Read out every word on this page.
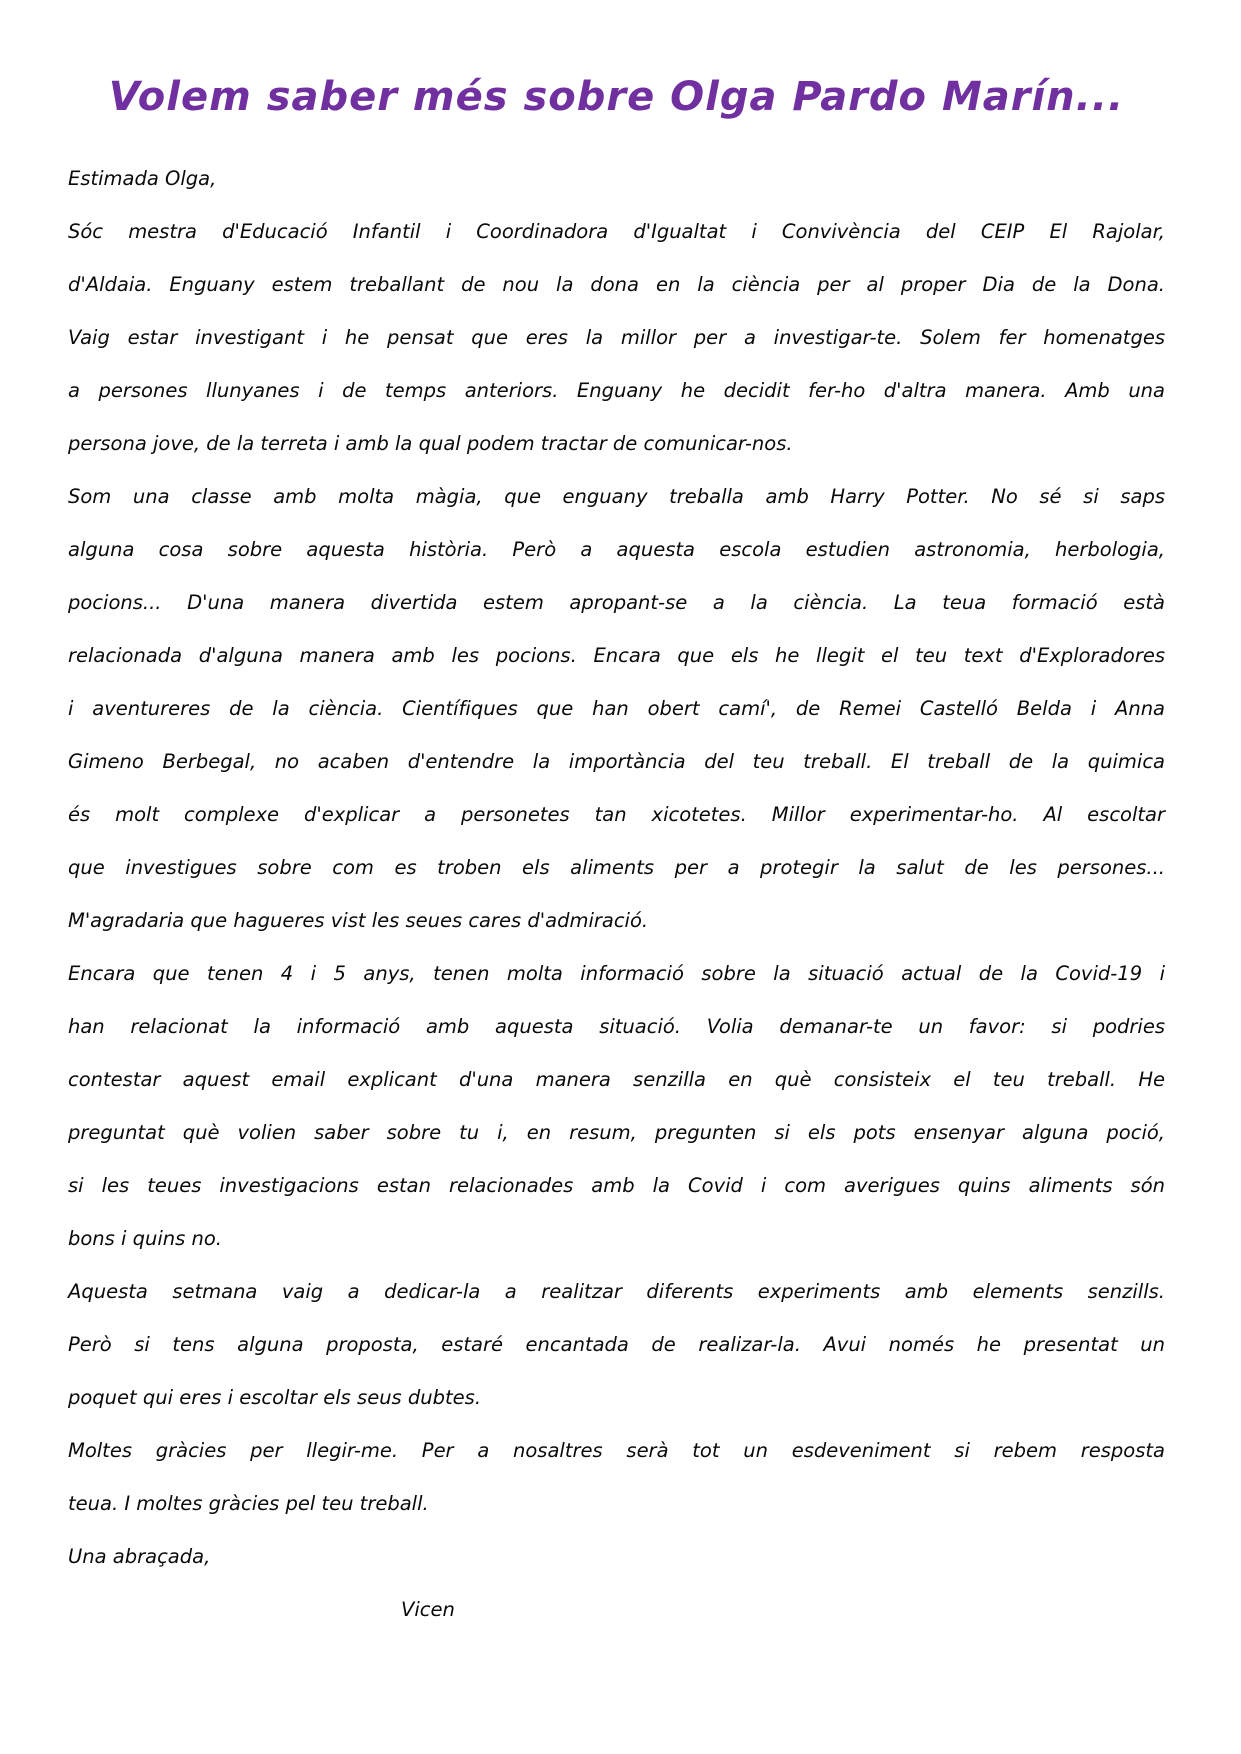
Volem saber més sobre Olga Pardo Marín...
Estimada Olga,
Sóc mestra d'Educació Infantil i Coordinadora d'Igualtat i Convivència del CEIP El Rajolar,
d'Aldaia. Enguany estem treballant de nou la dona en la ciència per al proper Dia de la Dona.
Vaig estar investigant i he pensat que eres la millor per a investigar-te. Solem fer homenatges
a persones llunyanes i de temps anteriors. Enguany he decidit fer-ho d'altra manera. Amb una
persona jove, de la terreta i amb la qual podem tractar de comunicar-nos.
Som una classe amb molta màgia, que enguany treballa amb Harry Potter. No sé si saps
alguna cosa sobre aquesta història. Però a aquesta escola estudien astronomia, herbologia,
pocions... D'una manera divertida estem apropant-se a la ciència. La teua formació està
relacionada d'alguna manera amb les pocions. Encara que els he llegit el teu text d'Exploradores
i aventureres de la ciència. Científiques que han obert camí', de Remei Castelló Belda i Anna
Gimeno Berbegal, no acaben d'entendre la importància del teu treball. El treball de la quimica
és molt complexe d'explicar a personetes tan xicotetes. Millor experimentar-ho. Al escoltar
que investigues sobre com es troben els aliments per a protegir la salut de les persones...
M'agradaria que hagueres vist les seues cares d'admiració.
Encara que tenen 4 i 5 anys, tenen molta informació sobre la situació actual de la Covid-19 i
han relacionat la informació amb aquesta situació. Volia demanar-te un favor: si podries
contestar aquest email explicant d'una manera senzilla en què consisteix el teu treball. He
preguntat què volien saber sobre tu i, en resum, pregunten si els pots ensenyar alguna poció,
si les teues investigacions estan relacionades amb la Covid i com averigues quins aliments són
bons i quins no.
Aquesta setmana vaig a dedicar-la a realitzar diferents experiments amb elements senzills.
Però si tens alguna proposta, estaré encantada de realizar-la. Avui només he presentat un
poquet qui eres i escoltar els seus dubtes.
Moltes gràcies per llegir-me. Per a nosaltres serà tot un esdeveniment si rebem resposta
teua. I moltes gràcies pel teu treball.
Una abraçada,
Vicen
